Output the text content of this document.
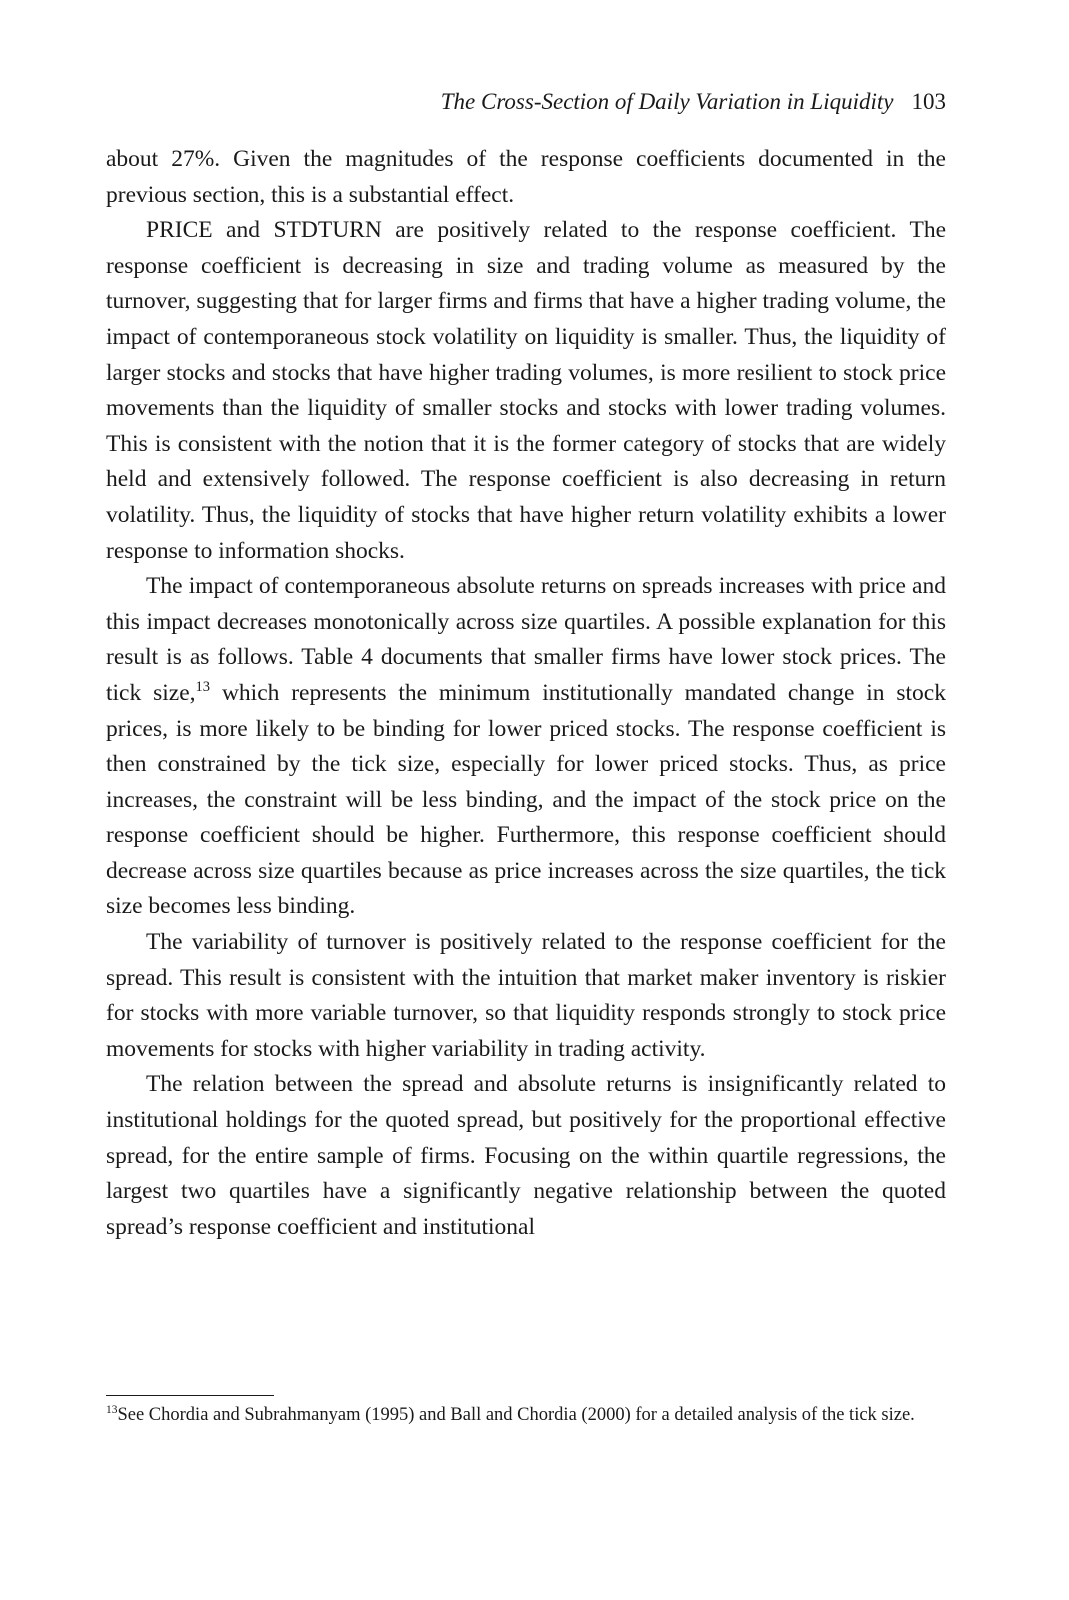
The Cross-Section of Daily Variation in Liquidity 103

about 27%. Given the magnitudes of the response coefficients documented in the previous section, this is a substantial effect.

PRICE and STDTURN are positively related to the response coefficient. The response coefficient is decreasing in size and trading volume as measured by the turnover, suggesting that for larger firms and firms that have a higher trading volume, the impact of contemporaneous stock volatility on liquidity is smaller. Thus, the liquidity of larger stocks and stocks that have higher trading volumes, is more resilient to stock price movements than the liquidity of smaller stocks and stocks with lower trading volumes. This is consistent with the notion that it is the former category of stocks that are widely held and extensively followed. The response coefficient is also decreasing in return volatility. Thus, the liquidity of stocks that have higher return volatility exhibits a lower response to information shocks.

The impact of contemporaneous absolute returns on spreads increases with price and this impact decreases monotonically across size quartiles. A possible explanation for this result is as follows. Table 4 documents that smaller firms have lower stock prices. The tick size,$^{13}$ which represents the minimum institutionally mandated change in stock prices, is more likely to be binding for lower priced stocks. The response coefficient is then constrained by the tick size, especially for lower priced stocks. Thus, as price increases, the constraint will be less binding, and the impact of the stock price on the response coefficient should be higher. Furthermore, this response coefficient should decrease across size quartiles because as price increases across the size quartiles, the tick size becomes less binding.

The variability of turnover is positively related to the response coefficient for the spread. This result is consistent with the intuition that market maker inventory is riskier for stocks with more variable turnover, so that liquidity responds strongly to stock price movements for stocks with higher variability in trading activity.

The relation between the spread and absolute returns is insignificantly related to institutional holdings for the quoted spread, but positively for the proportional effective spread, for the entire sample of firms. Focusing on the within quartile regressions, the largest two quartiles have a significantly negative relationship between the quoted spread’s response coefficient and institutional

$^{13}$See Chordia and Subrahmanyam (1995) and Ball and Chordia (2000) for a detailed analysis of the tick size.
